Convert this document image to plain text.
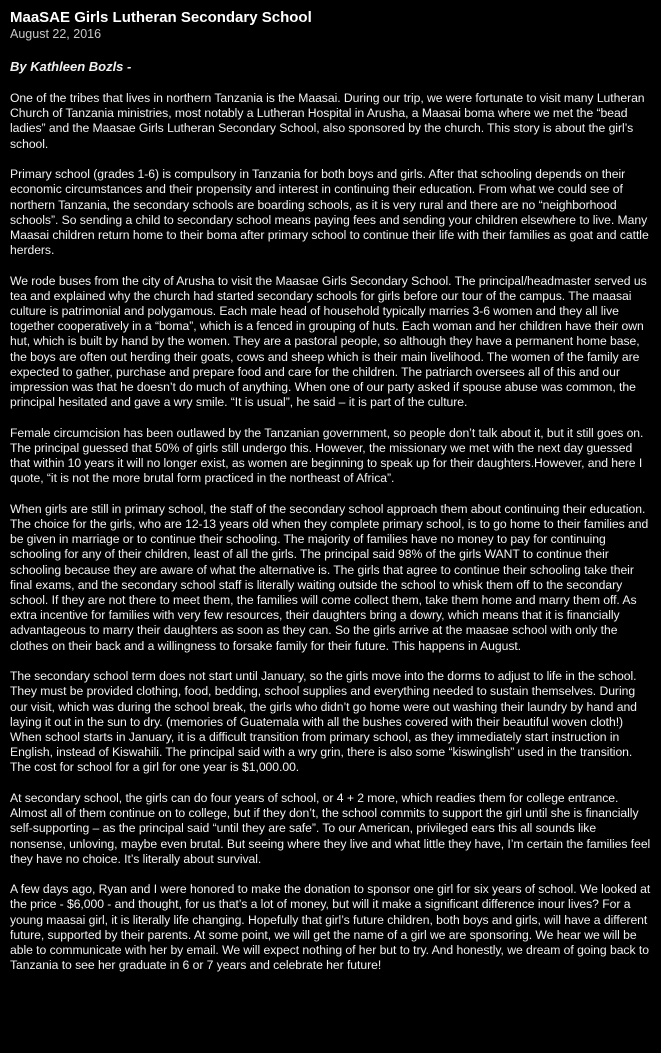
MaaSAE Girls Lutheran Secondary School
August 22, 2016
By Kathleen Bozls -

One of the tribes that lives in northern Tanzania is the Maasai. During our trip, we were fortunate to visit many Lutheran Church of Tanzania ministries, most notably a Lutheran Hospital in Arusha, a Maasai boma where we met the “bead ladies” and the Maasae Girls Lutheran Secondary School, also sponsored by the church. This story is about the girl’s school.

Primary school (grades 1-6) is compulsory in Tanzania for both boys and girls. After that schooling depends on their economic circumstances and their propensity and interest in continuing their education. From what we could see of northern Tanzania, the secondary schools are boarding schools, as it is very rural and there are no “neighborhood schools”. So sending a child to secondary school means paying fees and sending your children elsewhere to live. Many Maasai children return home to their boma after primary school to continue their life with their families as goat and cattle herders.

We rode buses from the city of Arusha to visit the Maasae Girls Secondary School. The principal/headmaster served us tea and explained why the church had started secondary schools for girls before our tour of the campus. The maasai culture is patrimonial and polygamous. Each male head of household typically marries 3-6 women and they all live together cooperatively in a “boma”, which is a fenced in grouping of huts. Each woman and her children have their own hut, which is built by hand by the women. They are a pastoral people, so although they have a permanent home base, the boys are often out herding their goats, cows and sheep which is their main livelihood. The women of the family are expected to gather, purchase and prepare food and care for the children. The patriarch oversees all of this and our impression was that he doesn’t do much of anything. When one of our party asked if spouse abuse was common, the principal hesitated and gave a wry smile. “It is usual”, he said – it is part of the culture.

Female circumcision has been outlawed by the Tanzanian government, so people don’t talk about it, but it still goes on. The principal guessed that 50% of girls still undergo this. However, the missionary we met with the next day guessed that within 10 years it will no longer exist, as women are beginning to speak up for their daughters.However, and here I quote, “it is not the more brutal form practiced in the northeast of Africa”.

When girls are still in primary school, the staff of the secondary school approach them about continuing their education. The choice for the girls, who are 12-13 years old when they complete primary school, is to go home to their families and be given in marriage or to continue their schooling. The majority of families have no money to pay for continuing schooling for any of their children, least of all the girls. The principal said 98% of the girls WANT to continue their schooling because they are aware of what the alternative is. The girls that agree to continue their schooling take their final exams, and the secondary school staff is literally waiting outside the school to whisk them off to the secondary school. If they are not there to meet them, the families will come collect them, take them home and marry them off. As extra incentive for families with very few resources, their daughters bring a dowry, which means that it is financially advantageous to marry their daughters as soon as they can. So the girls arrive at the maasae school with only the clothes on their back and a willingness to forsake family for their future. This happens in August.

The secondary school term does not start until January, so the girls move into the dorms to adjust to life in the school. They must be provided clothing, food, bedding, school supplies and everything needed to sustain themselves. During our visit, which was during the school break, the girls who didn’t go home were out washing their laundry by hand and laying it out in the sun to dry. (memories of Guatemala with all the bushes covered with their beautiful woven cloth!) When school starts in January, it is a difficult transition from primary school, as they immediately start instruction in English, instead of Kiswahili. The principal said with a wry grin, there is also some “kiswinglish” used in the transition. The cost for school for a girl for one year is $1,000.00.

At secondary school, the girls can do four years of school, or 4 + 2 more, which readies them for college entrance. Almost all of them continue on to college, but if they don’t, the school commits to support the girl until she is financially self-supporting – as the principal said “until they are safe”. To our American, privileged ears this all sounds like nonsense, unloving, maybe even brutal. But seeing where they live and what little they have, I’m certain the families feel they have no choice. It’s literally about survival.

A few days ago, Ryan and I were honored to make the donation to sponsor one girl for six years of school. We looked at the price - $6,000 - and thought, for us that’s a lot of money, but will it make a significant difference inour lives? For a young maasai girl, it is literally life changing. Hopefully that girl’s future children, both boys and girls, will have a different future, supported by their parents. At some point, we will get the name of a girl we are sponsoring. We hear we will be able to communicate with her by email. We will expect nothing of her but to try. And honestly, we dream of going back to Tanzania to see her graduate in 6 or 7 years and celebrate her future!
